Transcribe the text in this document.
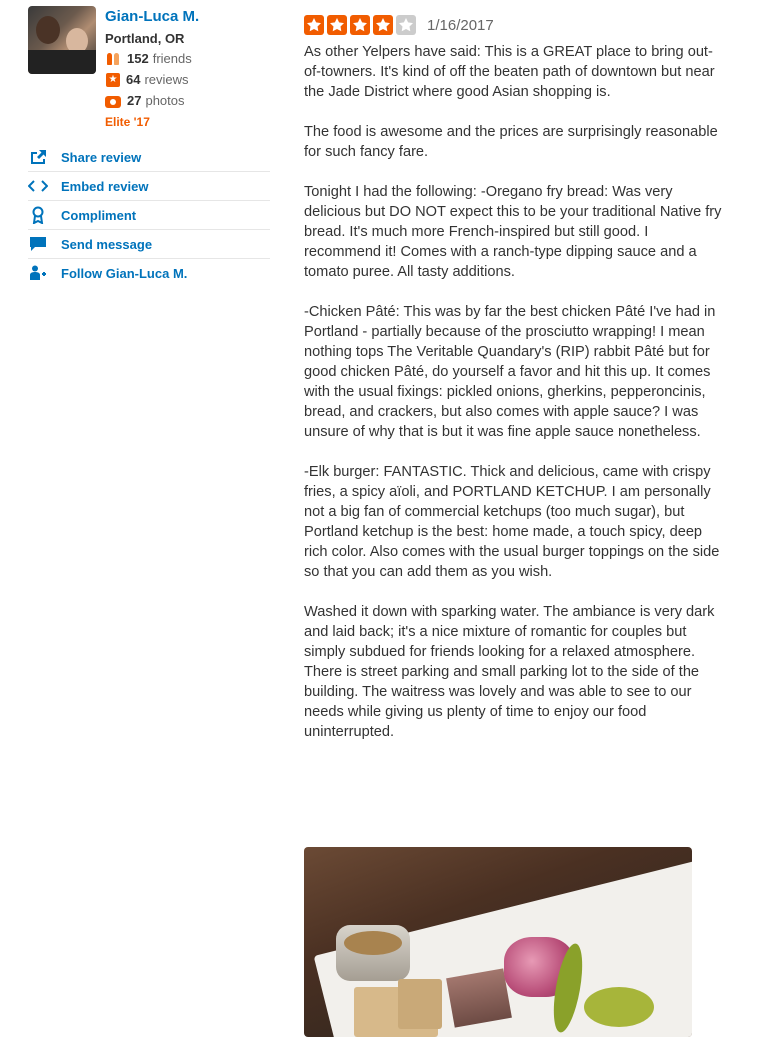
Gian-Luca M.
Portland, OR
152 friends
★ 64 reviews
27 photos
Elite '17
Share review
Embed review
Compliment
Send message
Follow Gian-Luca M.
1/16/2017

As other Yelpers have said: This is a GREAT place to bring out-of-towners. It's kind of off the beaten path of downtown but near the Jade District where good Asian shopping is.

The food is awesome and the prices are surprisingly reasonable for such fancy fare.

Tonight I had the following: -Oregano fry bread: Was very delicious but DO NOT expect this to be your traditional Native fry bread. It's much more French-inspired but still good. I recommend it! Comes with a ranch-type dipping sauce and a tomato puree. All tasty additions.

-Chicken Pâté: This was by far the best chicken Pâté I've had in Portland - partially because of the prosciutto wrapping! I mean nothing tops The Veritable Quandary's (RIP) rabbit Pâté but for good chicken Pâté, do yourself a favor and hit this up. It comes with the usual fixings: pickled onions, gherkins, pepperoncinis, bread, and crackers, but also comes with apple sauce? I was unsure of why that is but it was fine apple sauce nonetheless.

-Elk burger: FANTASTIC. Thick and delicious, came with crispy fries, a spicy aïoli, and PORTLAND KETCHUP. I am personally not a big fan of commercial ketchups (too much sugar), but Portland ketchup is the best: home made, a touch spicy, deep rich color. Also comes with the usual burger toppings on the side so that you can add them as you wish.

Washed it down with sparking water. The ambiance is very dark and laid back; it's a nice mixture of romantic for couples but simply subdued for friends looking for a relaxed atmosphere. There is street parking and small parking lot to the side of the building. The waitress was lovely and was able to see to our needs while giving us plenty of time to enjoy our food uninterrupted.
